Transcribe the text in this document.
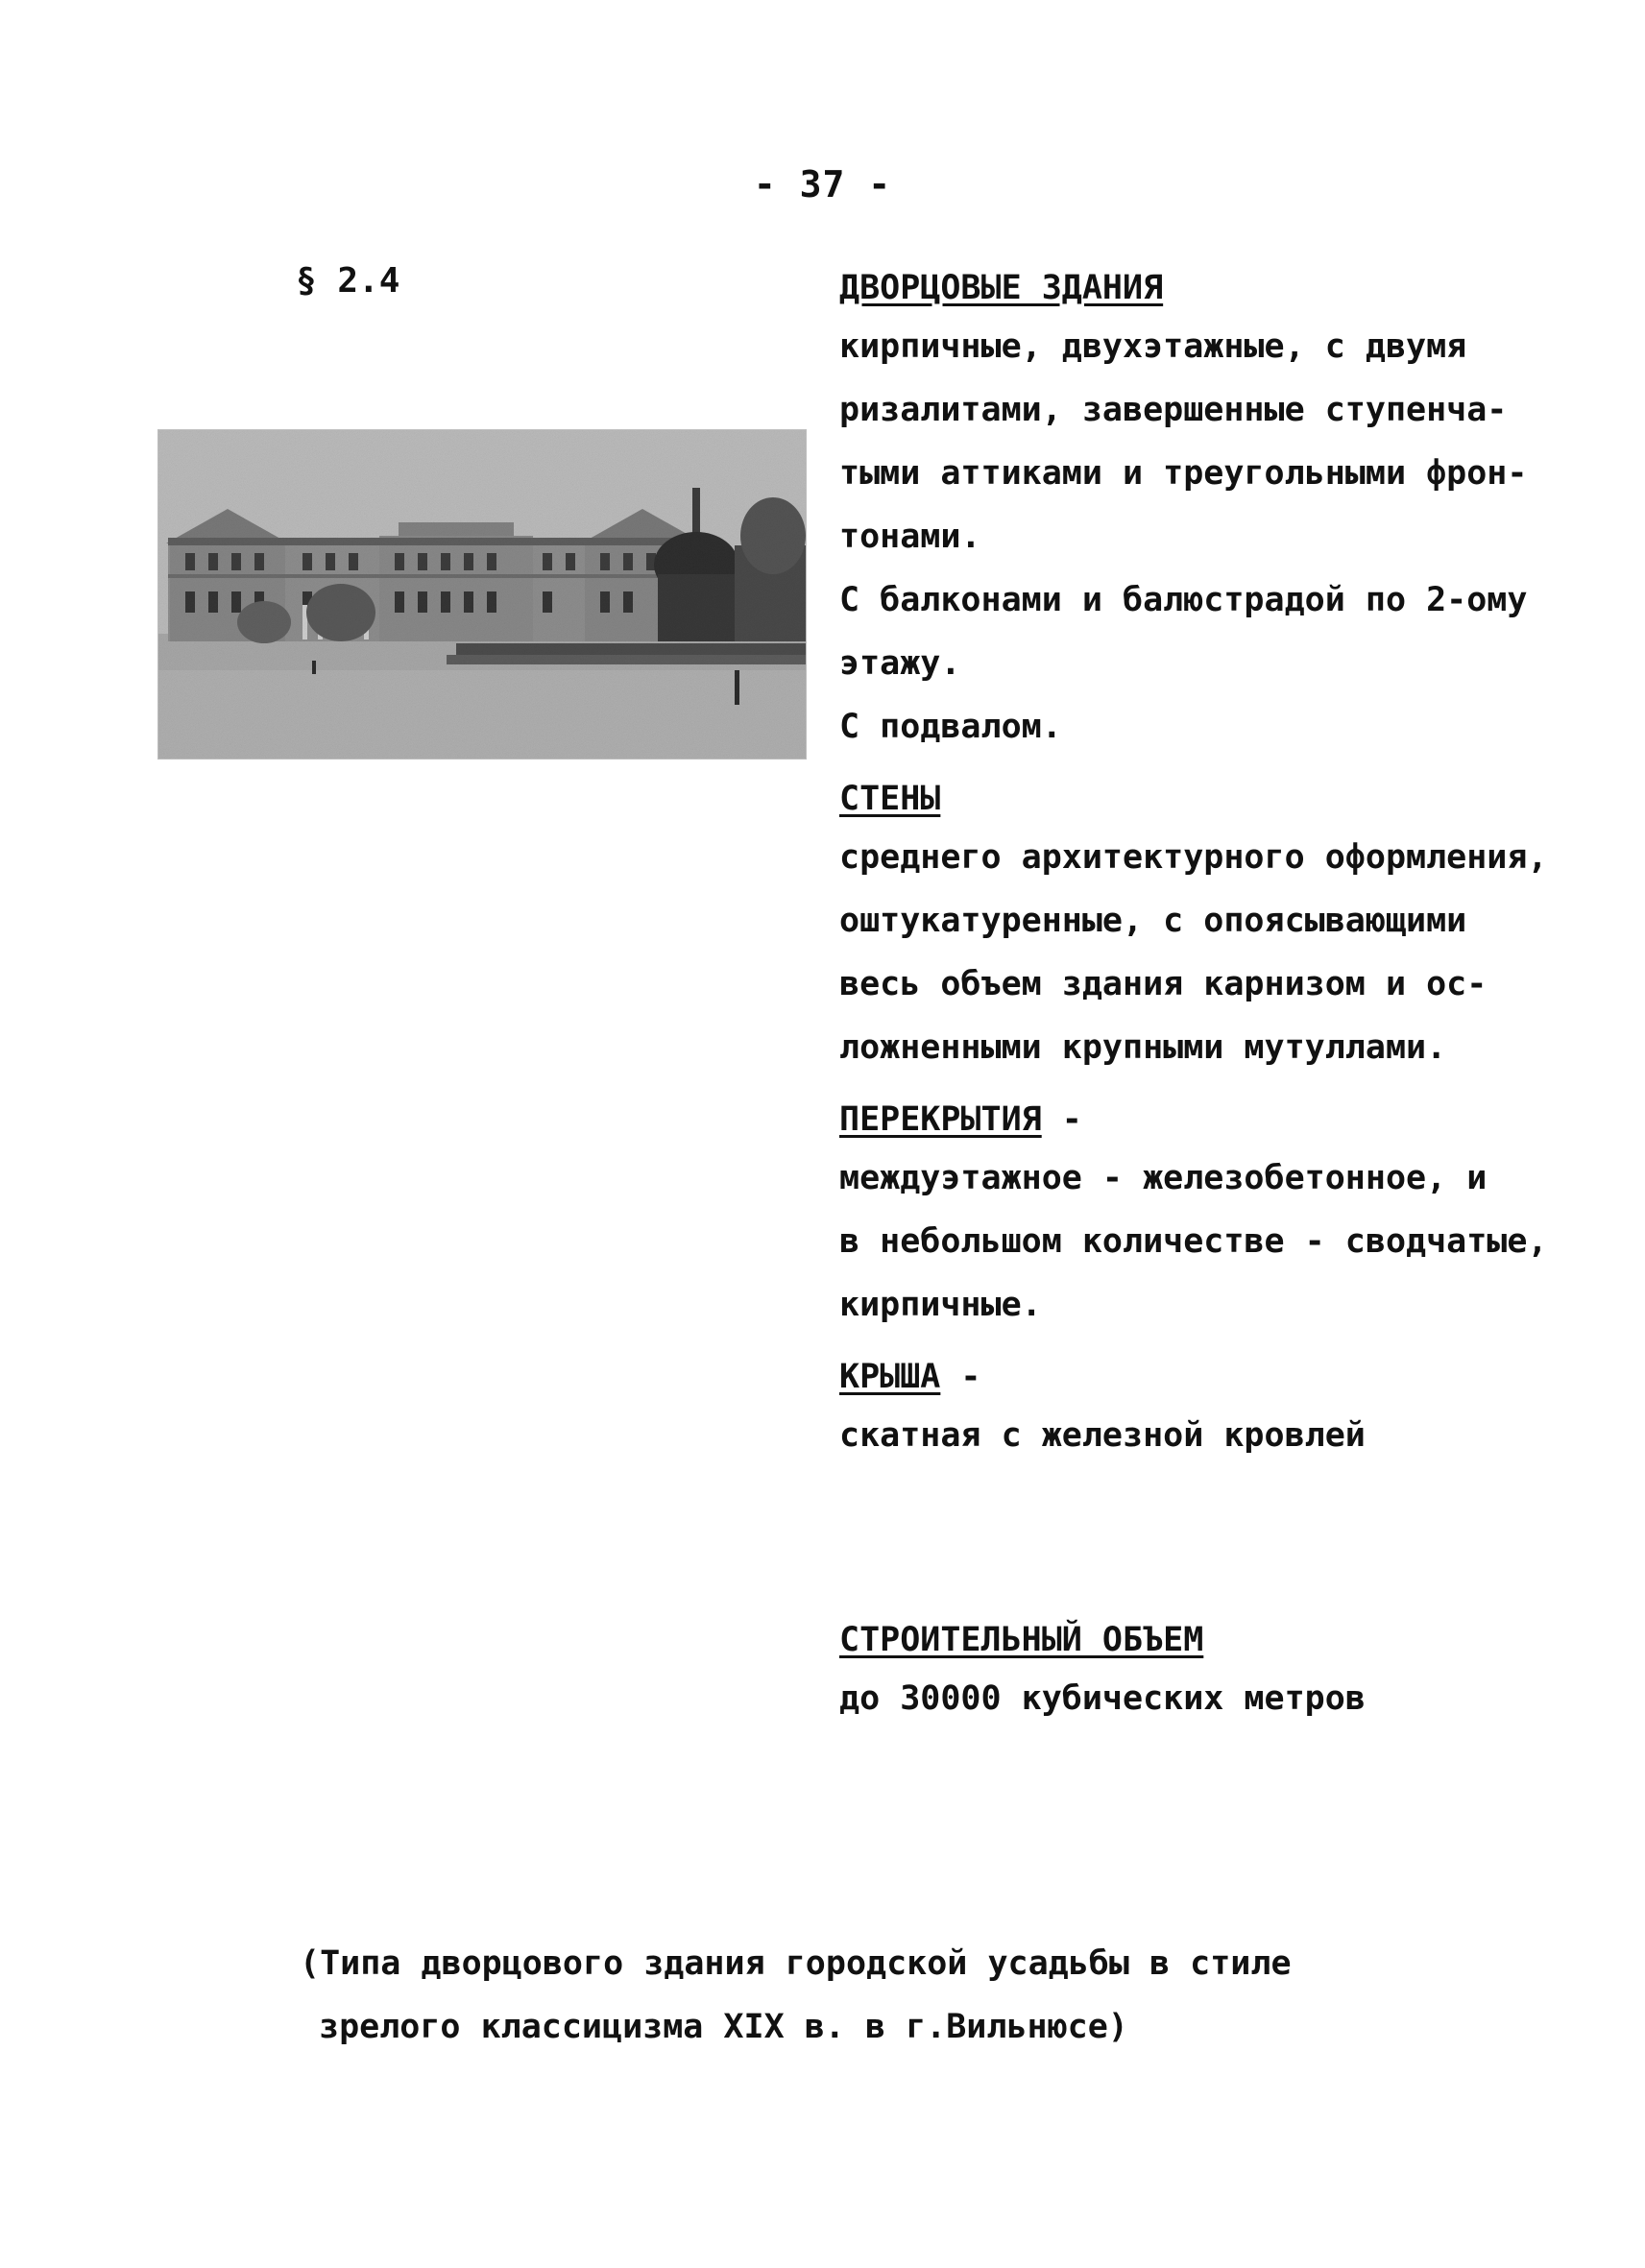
- 37 -
§ 2.4	ДВОРЦОВЫЕ ЗДАНИЯ
кирпичные, двухэтажные, с двумя
ризалитами, завершенные ступенча-
тыми аттиками и треугольными фрон-
тонами.
С балконами и балюстрадой по 2-ому
этажу.
С подвалом.
СТЕНЫ
среднего архитектурного оформления,
оштукатуренные, с опоясывающими
весь объем здания карнизом и ос-
ложненными крупными мутуллами.
ПЕРЕКРЫТИЯ -
междуэтажное - железобетонное, и
в небольшом количестве - сводчатые,
кирпичные.
КРЫША -
скатная с железной кровлей
СТРОИТЕЛЬНЫЙ ОБЪЕМ
до 30000 кубических метров
(Типа дворцового здания городской усадьбы в стиле
зрелого классицизма XIX в. в г.Вильнюсе)
